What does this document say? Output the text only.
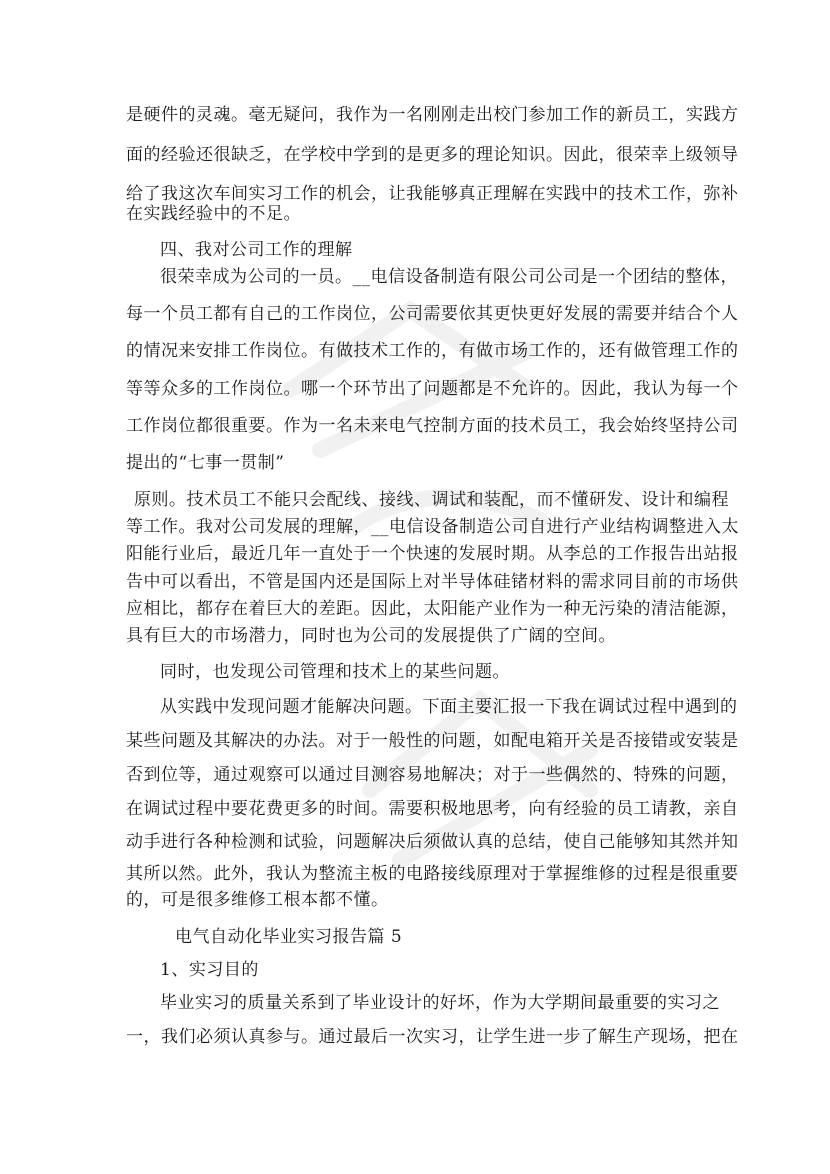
是硬件的灵魂。毫无疑问，我作为一名刚刚走出校门参加工作的新员工，实践方
面的经验还很缺乏，在学校中学到的是更多的理论知识。因此，很荣幸上级领导
给了我这次车间实习工作的机会，让我能够真正理解在实践中的技术工作，弥补
在实践经验中的不足。
四、我对公司工作的理解
很荣幸成为公司的一员。__电信设备制造有限公司公司是一个团结的整体，
每一个员工都有自己的工作岗位，公司需要依其更快更好发展的需要并结合个人
的情况来安排工作岗位。有做技术工作的，有做市场工作的，还有做管理工作的
等等众多的工作岗位。哪一个环节出了问题都是不允许的。因此，我认为每一个
工作岗位都很重要。作为一名未来电气控制方面的技术员工，我会始终坚持公司
提出的“七事一贯制”
原则。技术员工不能只会配线、接线、调试和装配，而不懂研发、设计和编程
等工作。我对公司发展的理解，__电信设备制造公司自进行产业结构调整进入太
阳能行业后，最近几年一直处于一个快速的发展时期。从李总的工作报告出站报
告中可以看出，不管是国内还是国际上对半导体硅锗材料的需求同目前的市场供
应相比，都存在着巨大的差距。因此，太阳能产业作为一种无污染的清洁能源，
具有巨大的市场潜力，同时也为公司的发展提供了广阔的空间。
同时，也发现公司管理和技术上的某些问题。
从实践中发现问题才能解决问题。下面主要汇报一下我在调试过程中遇到的
某些问题及其解决的办法。对于一般性的问题，如配电箱开关是否接错或安装是
否到位等，通过观察可以通过目测容易地解决；对于一些偶然的、特殊的问题，
在调试过程中要花费更多的时间。需要积极地思考，向有经验的员工请教，亲自
动手进行各种检测和试验，问题解决后须做认真的总结，使自己能够知其然并知
其所以然。此外，我认为整流主板的电路接线原理对于掌握维修的过程是很重要
的，可是很多维修工根本都不懂。
电气自动化毕业实习报告篇 5
1、实习目的
毕业实习的质量关系到了毕业设计的好坏，作为大学期间最重要的实习之
一，我们必须认真参与。通过最后一次实习，让学生进一步了解生产现场，把在
